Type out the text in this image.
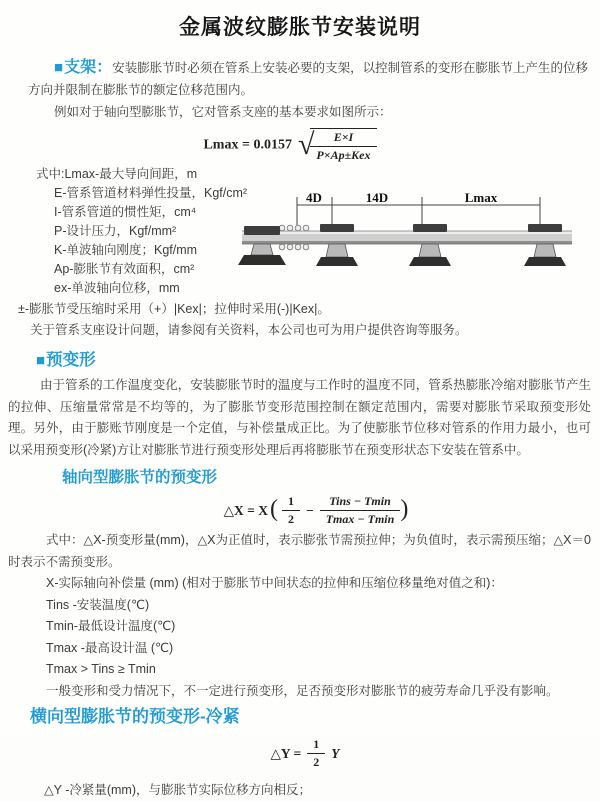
金属波纹膨胀节安装说明

■支架：安装膨胀节时必须在管系上安装必要的支架，以控制管系的变形在膨胀节上产生的位移方向并限制在膨胀节的额定位移范围内。

例如对于轴向型膨胀节，它对管系支座的基本要求如图所示：

Lmax = 0.0157 √
$\frac{E\times I}{\text{P×Ap±Kex}}$
式中:Lmax-最大导向间距，m
E-管系管道材料弹性投量，Kgf/cm²
I-管系管道的惯性矩，cm⁴
P-设计压力，Kgf/mm²
K-单波轴向刚度；Kgf/mm
Ap-膨胀节有效面积，cm²
ex-单波轴向位移，mm
4D	14D	Lmax

±-膨胀节受压缩时采用（+）|Kex|；拉伸时采用(-)|Kex|。

关于管系支座设计问题，请参阅有关资料，本公司也可为用户提供咨询等服务。

■预变形

由于管系的工作温度变化，安装膨胀节时的温度与工作时的温度不同，管系热膨胀冷缩对膨胀节产生的拉伸、压缩量常常是不均等的，为了膨胀节变形范围控制在额定范围内，需要对膨胀节采取预变形处理。另外，由于膨账节刚度是一个定值，与补偿量成正比。为了使膨胀节位移对管系的作用力最小，也可以采用预变形(冷紧)方让对膨胀节进行预变形处理后再将膨胀节在预变形状态下安装在管系中。

轴向型膨胀节的预变形
△X = $X( \frac{1}{2} - \frac{\text{Tins − Tmin}}{Tmax - Tmin}$ )

式中：△X-预变形量(mm)，△X为正值时，表示膨张节需预拉伸；为负值时，表示需预压缩；△X＝0时表示不需预变形。

X-实际轴向补偿量 (mm) (相对于膨胀节中间状态的拉伸和压缩位移量绝对值之和)：
Tins -安装温度(℃)
Tmin-最低设计温度(℃)
Tmax -最高设计温 (℃)
Tmax > Tins ≥ Tmin

一般变形和受力情况下，不一定进行预变形，足否预变形对膨胀节的疲劳寿命几乎没有影响。

横向型膨胀节的预变形-冷紧
△Y = $\frac{1}{2}$ Y

△Y -冷紧量(mm)，与膨胀节实际位移方向相反；
